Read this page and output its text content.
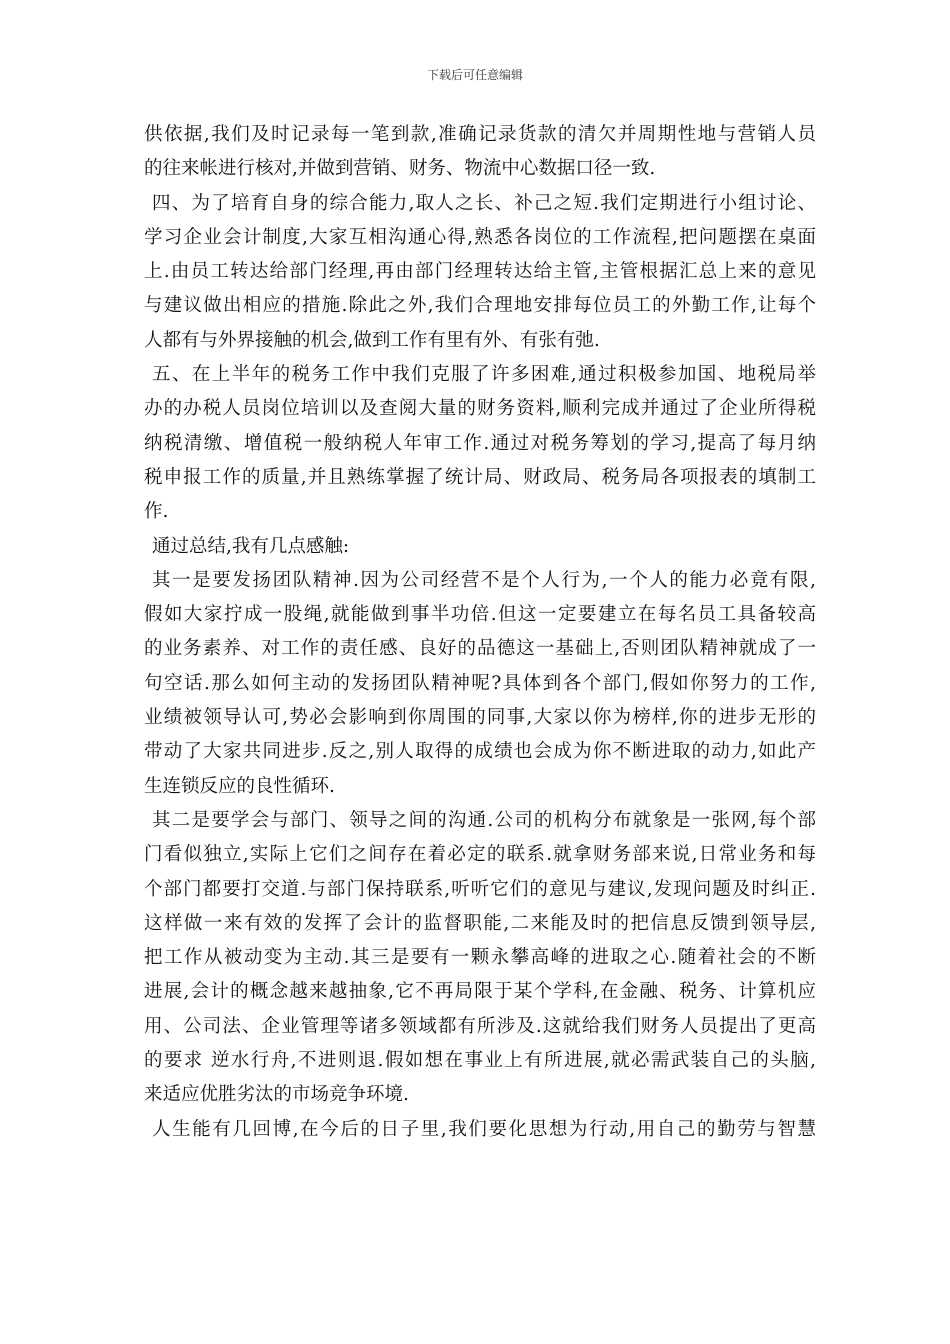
下载后可任意编辑
供依据,我们及时记录每一笔到款,准确记录货款的清欠并周期性地与营销人员
的往来帐进行核对,并做到营销、财务、物流中心数据口径一致.
四、为了培育自身的综合能力,取人之长、补己之短.我们定期进行小组讨论、
学习企业会计制度,大家互相沟通心得,熟悉各岗位的工作流程,把问题摆在桌面
上.由员工转达给部门经理,再由部门经理转达给主管,主管根据汇总上来的意见
与建议做出相应的措施.除此之外,我们合理地安排每位员工的外勤工作,让每个
人都有与外界接触的机会,做到工作有里有外、有张有弛.
五、在上半年的税务工作中我们克服了许多困难,通过积极参加国、地税局举
办的办税人员岗位培训以及查阅大量的财务资料,顺利完成并通过了企业所得税
纳税清缴、增值税一般纳税人年审工作.通过对税务筹划的学习,提高了每月纳
税申报工作的质量,并且熟练掌握了统计局、财政局、税务局各项报表的填制工
作.
通过总结,我有几点感触:
其一是要发扬团队精神.因为公司经营不是个人行为,一个人的能力必竟有限,
假如大家拧成一股绳,就能做到事半功倍.但这一定要建立在每名员工具备较高
的业务素养、对工作的责任感、良好的品德这一基础上,否则团队精神就成了一
句空话.那么如何主动的发扬团队精神呢?具体到各个部门,假如你努力的工作,
业绩被领导认可,势必会影响到你周围的同事,大家以你为榜样,你的进步无形的
带动了大家共同进步.反之,别人取得的成绩也会成为你不断进取的动力,如此产
生连锁反应的良性循环.
其二是要学会与部门、领导之间的沟通.公司的机构分布就象是一张网,每个部
门看似独立,实际上它们之间存在着必定的联系.就拿财务部来说,日常业务和每
个部门都要打交道.与部门保持联系,听听它们的意见与建议,发现问题及时纠正.
这样做一来有效的发挥了会计的监督职能,二来能及时的把信息反馈到领导层,
把工作从被动变为主动.其三是要有一颗永攀高峰的进取之心.随着社会的不断
进展,会计的概念越来越抽象,它不再局限于某个学科,在金融、税务、计算机应
用、公司法、企业管理等诸多领域都有所涉及.这就给我们财务人员提出了更高
的要求 逆水行舟,不进则退.假如想在事业上有所进展,就必需武装自己的头脑,
来适应优胜劣汰的市场竞争环境.
人生能有几回博,在今后的日子里,我们要化思想为行动,用自己的勤劳与智慧
